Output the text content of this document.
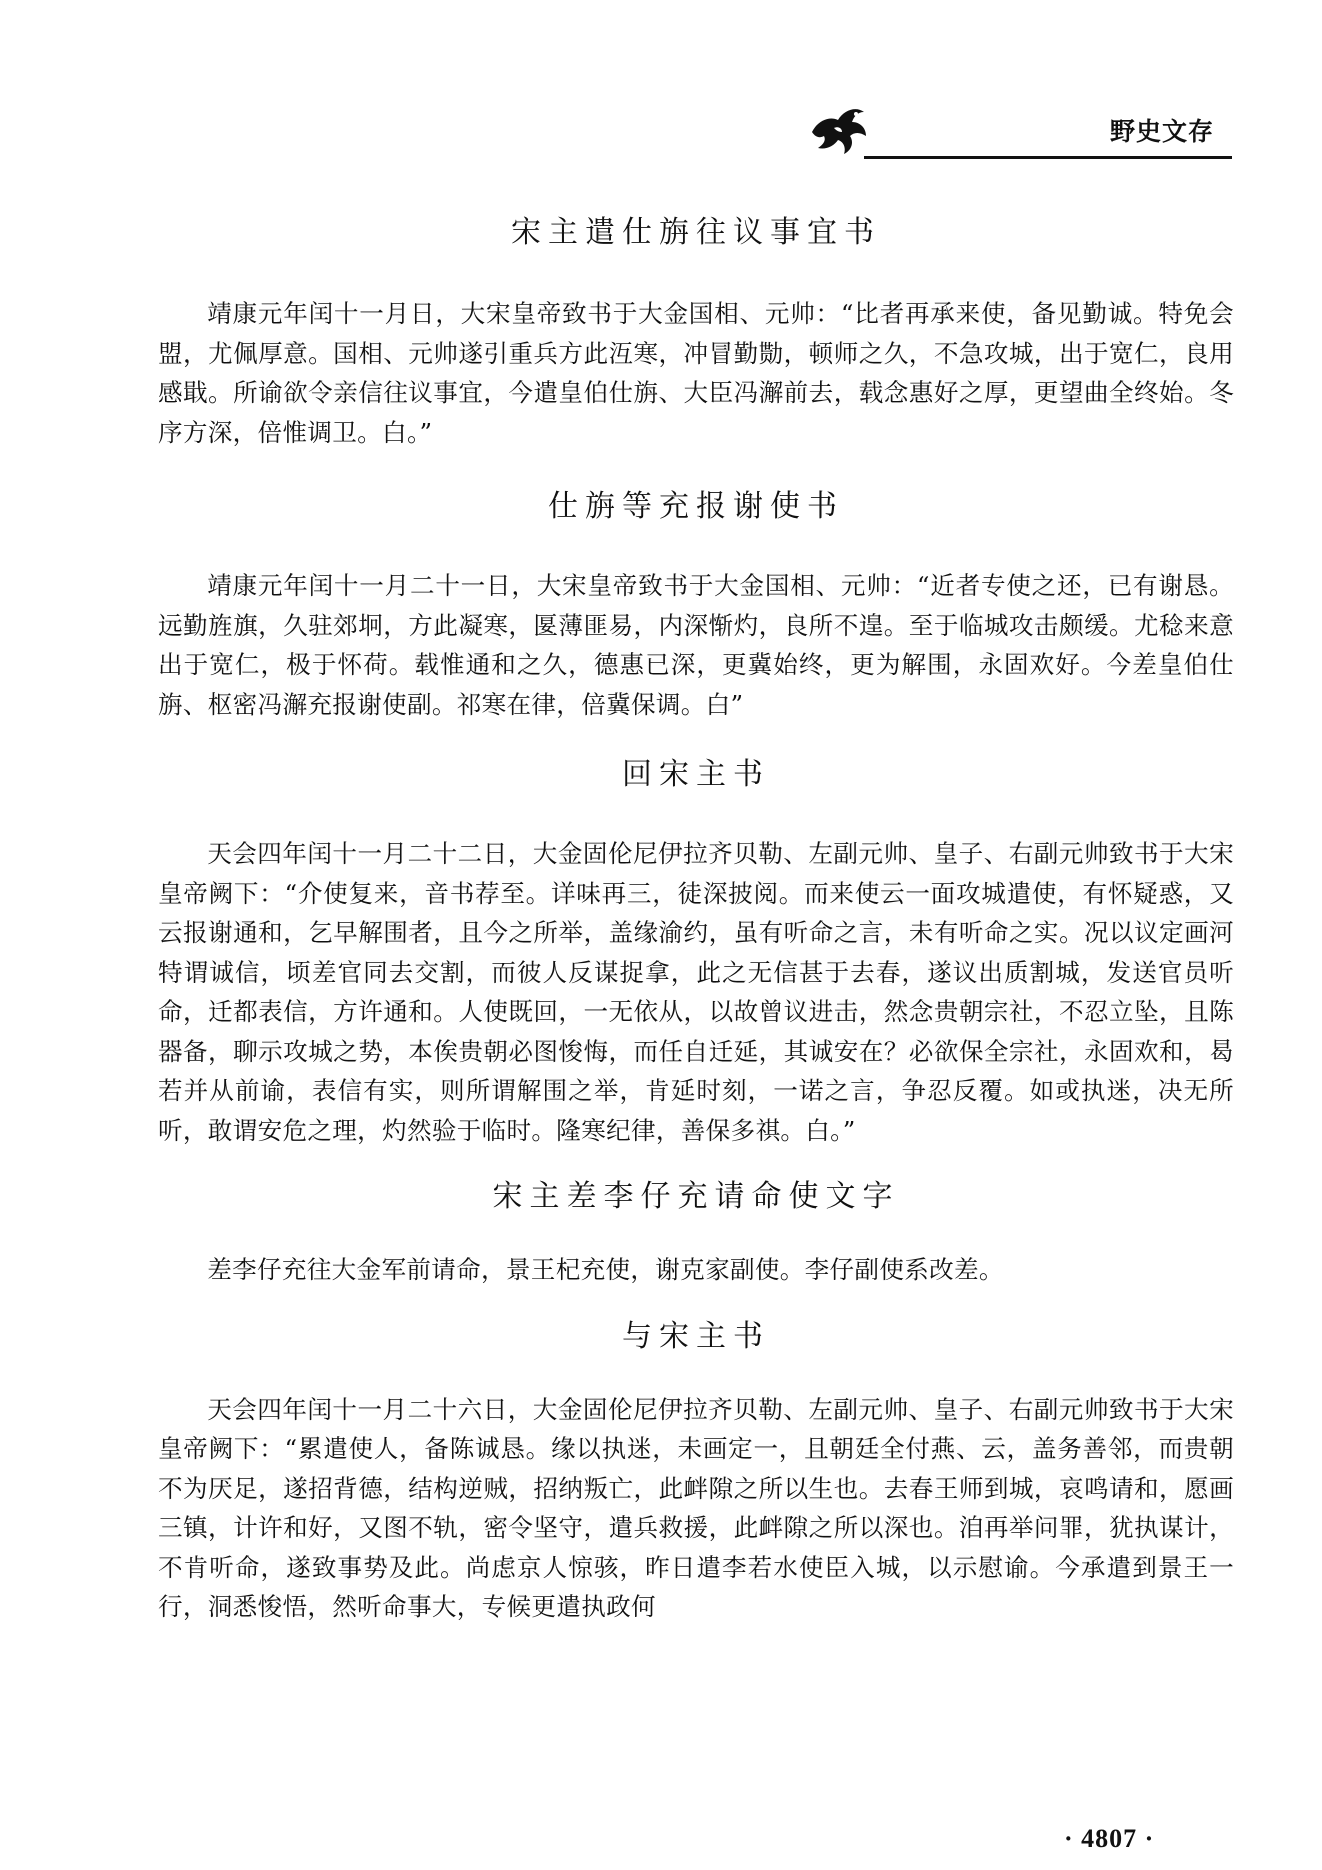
野史文存
宋主遣仕旃往议事宜书

靖康元年闰十一月日，大宋皇帝致书于大金国相、元帅：“比者再承来使，备见勤诚。特免会盟，尤佩厚意。国相、元帅遂引重兵方此沍寒，冲冒勤勚，顿师之久，不急攻城，出于宽仁，良用感戢。所谕欲令亲信往议事宜，今遣皇伯仕旃、大臣冯澥前去，载念惠好之厚，更望曲全终始。冬序方深，倍惟调卫。白。”

仕旃等充报谢使书

靖康元年闰十一月二十一日，大宋皇帝致书于大金国相、元帅：“近者专使之还，已有谢恳。远勤旌旗，久驻郊坰，方此凝寒，匽薄匪易，内深惭灼，良所不遑。至于临城攻击颇缓。尤稔来意出于宽仁，极于怀荷。载惟通和之久，德惠已深，更冀始终，更为解围，永固欢好。今差皇伯仕旃、枢密冯澥充报谢使副。祁寒在律，倍冀保调。白”

回宋主书

天会四年闰十一月二十二日，大金固伦尼伊拉齐贝勒、左副元帅、皇子、右副元帅致书于大宋皇帝阙下：“介使复来，音书荐至。详味再三，徒深披阅。而来使云一面攻城遣使，有怀疑惑，又云报谢通和，乞早解围者，且今之所举，盖缘渝约，虽有听命之言，未有听命之实。况以议定画河特谓诚信，顷差官同去交割，而彼人反谋捉拿，此之无信甚于去春，遂议出质割城，发送官员听命，迁都表信，方许通和。人使既回，一无依从，以故曾议进击，然念贵朝宗社，不忍立坠，且陈器备，聊示攻城之势，本俟贵朝必图悛悔，而任自迁延，其诚安在？必欲保全宗社，永固欢和，曷若并从前谕，表信有实，则所谓解围之举，肯延时刻，一诺之言，争忍反覆。如或执迷，决无所听，敢谓安危之理，灼然验于临时。隆寒纪律，善保多祺。白。”

宋主差李仔充请命使文字

差李仔充往大金军前请命，景王杞充使，谢克家副使。李仔副使系改差。

与宋主书

天会四年闰十一月二十六日，大金固伦尼伊拉齐贝勒、左副元帅、皇子、右副元帅致书于大宋皇帝阙下：“累遣使人，备陈诚恳。缘以执迷，未画定一，且朝廷全付燕、云，盖务善邻，而贵朝不为厌足，遂招背德，结构逆贼，招纳叛亡，此衅隙之所以生也。去春王师到城，哀鸣请和，愿画三镇，计许和好，又图不轨，密令坚守，遣兵救援，此衅隙之所以深也。洎再举问罪，犹执谋计，不肯听命，遂致事势及此。尚虑京人惊骇，昨日遣李若水使臣入城，以示慰谕。今承遣到景王一行，洞悉悛悟，然听命事大，专候更遣执政何

· 4807 ·
